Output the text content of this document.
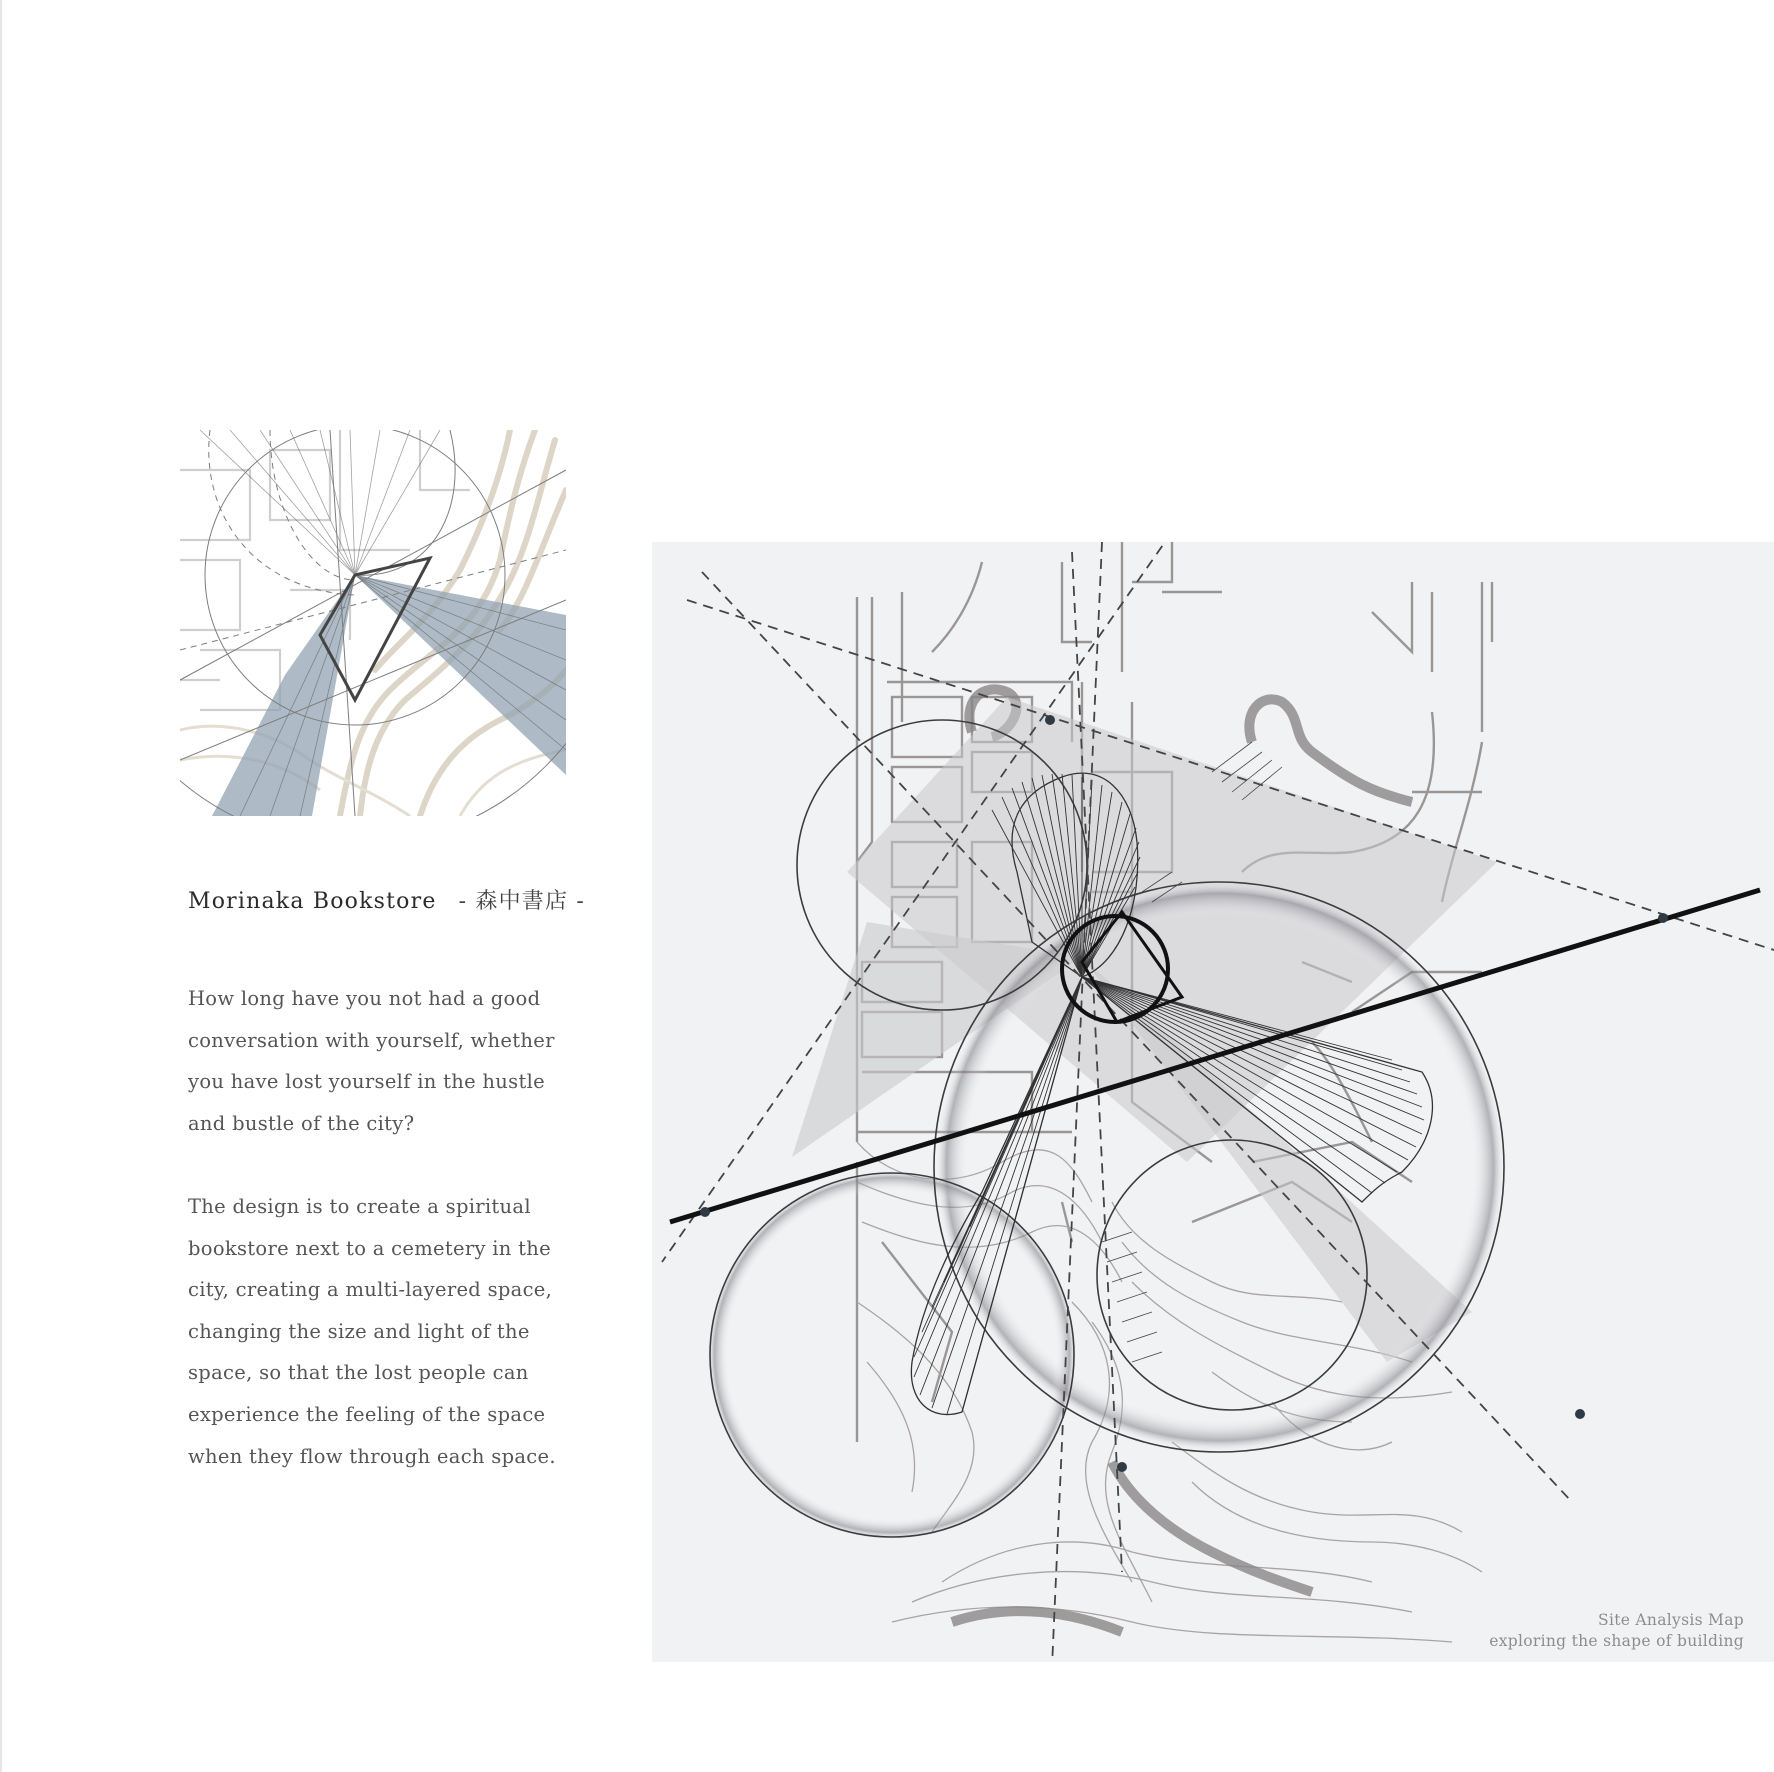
Morinaka Bookstore - 森中書店 -

How long have you not had a good
conversation with yourself, whether
you have lost yourself in the hustle
and bustle of the city?

The design is to create a spiritual
bookstore next to a cemetery in the
city, creating a multi-layered space,
changing the size and light of the
space, so that the lost people can
experience the feeling of the space
when they flow through each space.

Site Analysis Map
exploring the shape of building
